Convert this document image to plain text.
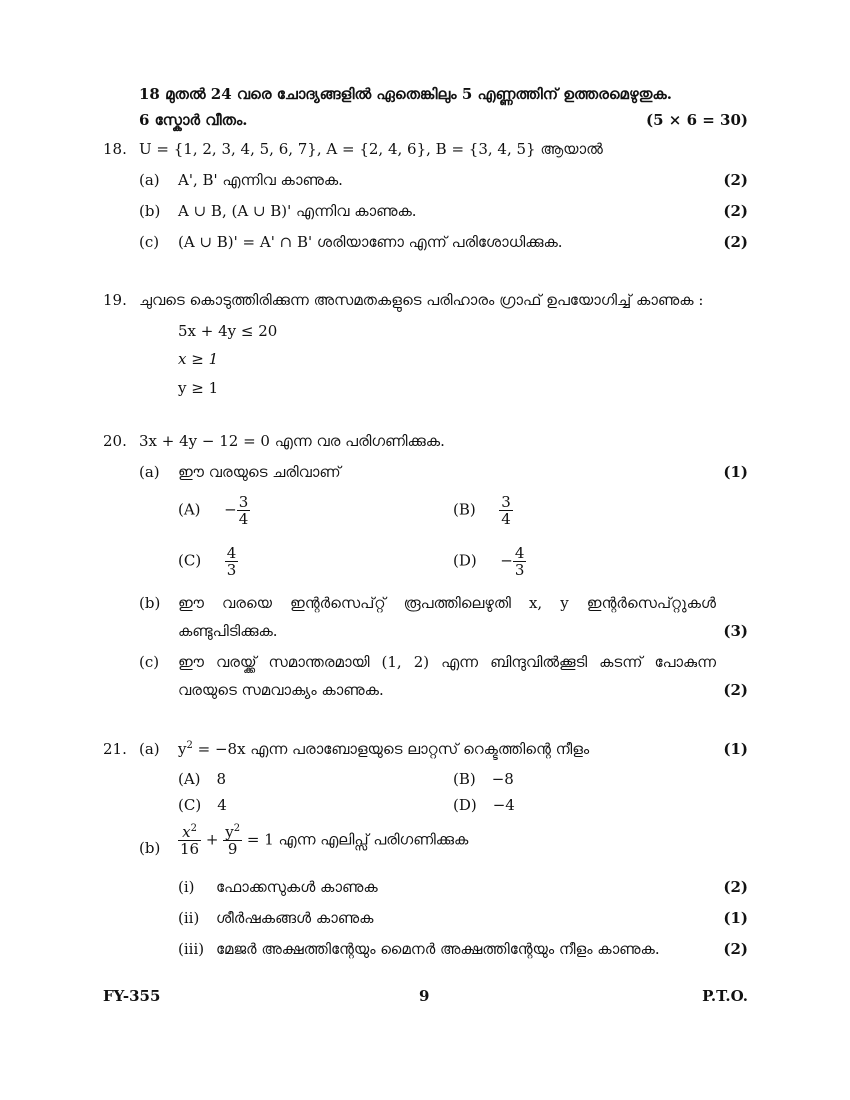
18 മുതൽ 24 വരെ ചോദ്യങ്ങളിൽ ഏതെങ്കിലും 5 എണ്ണത്തിന് ഉത്തരമെഴുതുക.
6 സ്കോർ വീതം.	(5 × 6 = 30)
18. U = {1, 2, 3, 4, 5, 6, 7}, A = {2, 4, 6}, B = {3, 4, 5} ആയാൽ
(a) A', B' എന്നിവ കാണുക.	(2)
(b) A ∪ B, (A ∪ B)' എന്നിവ കാണുക.	(2)
(c) (A ∪ B)' = A' ∩ B' ശരിയാണോ എന്ന് പരിശോധിക്കുക.	(2)
19. ചുവടെ കൊടുത്തിരിക്കുന്ന അസമതകളുടെ പരിഹാരം ഗ്രാഫ് ഉപയോഗിച്ച് കാണുക :
5x + 4y ≤ 20
x ≥ 1
y ≥ 1
20. 3x + 4y − 12 = 0 എന്ന വര പരിഗണിക്കുക.
(a) ഈ വരയുടെ ചരിവാണ്	(1)
$(A) - \frac{3}{4}$	$(B) \frac{3}{4}$
$(C) \frac{4}{3}$	$(D) - \frac{4}{3}$
(b) ഈ വരയെ ഇന്റർസെപ്റ്റ് രൂപത്തിലെഴുതി x, y ഇന്റർസെപ്റ്റുകൾ
കണ്ടുപിടിക്കുക.	(3)
(c) ഈ വരയ്ക്ക് സമാന്തരമായി (1, 2) എന്ന ബിന്ദുവിൽക്കൂടി കടന്ന് പോകുന്ന
വരയുടെ സമവാക്യം കാണുക.	(2)
21. (a) $y^2 = -8x$ എന്ന പരാബോളയുടെ ലാറ്റസ് റെക്ടത്തിന്റെ നീളം	(1)
(A) 8	(B) −8
(C) 4	(D) −4
$(b) \frac{x^2}{16} + \frac{y^2}{9} = 1$ എന്ന എലിപ്സ് പരിഗണിക്കുക
(i) ഫോക്കസുകൾ കാണുക	(2)
(ii) ശീർഷകങ്ങൾ കാണുക	(1)
(iii) മേജർ അക്ഷത്തിന്റേയും മൈനർ അക്ഷത്തിന്റേയും നീളം കാണുക.	(2)
FY-355	9	P.T.O.
